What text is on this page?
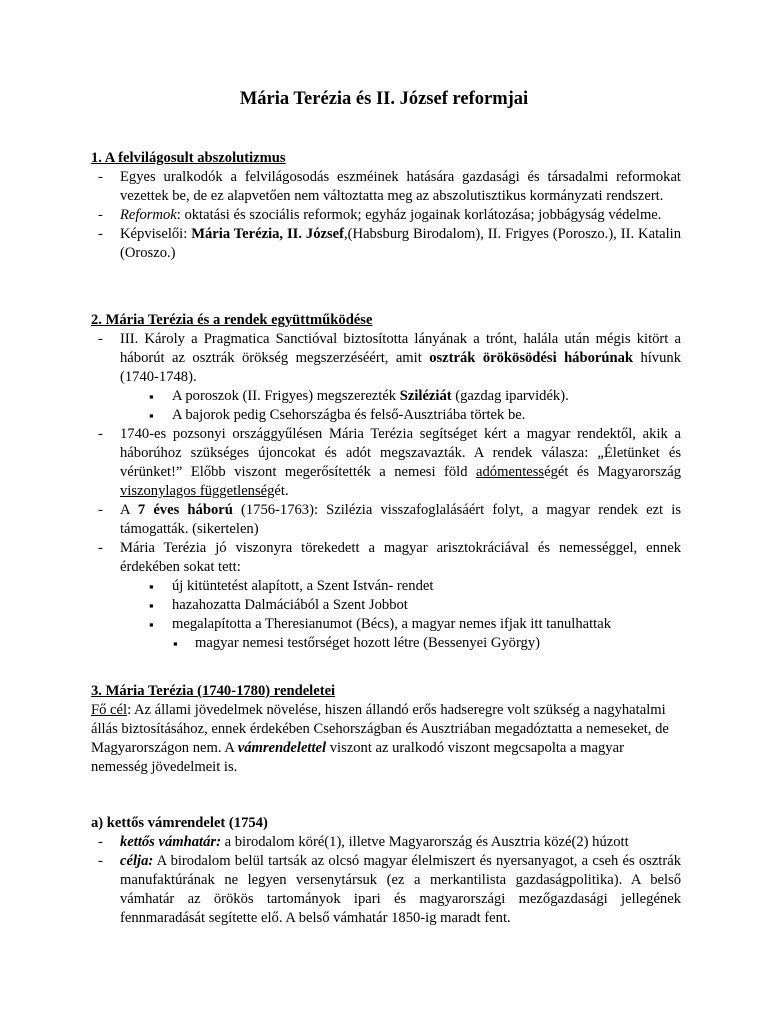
Mária Terézia és II. József reformjai
1. A felvilágosult abszolutizmus
- Egyes uralkodók a felvilágosodás eszméinek hatására gazdasági és társadalmi reformokat vezettek be, de ez alapvetően nem változtatta meg az abszolutisztikus kormányzati rendszert.
- Reformok: oktatási és szociális reformok; egyház jogainak korlátozása; jobbágyság védelme.
- Képviselői: Mária Terézia, II. József,(Habsburg Birodalom), II. Frigyes (Poroszo.), II. Katalin (Oroszo.)
2. Mária Terézia és a rendek együttműködése
- III. Károly a Pragmatica Sanctióval biztosította lányának a trónt, halála után mégis kitört a háborút az osztrák örökség megszerzéséért, amit osztrák örökösödési háborúnak hívunk (1740-1748).
▪ A poroszok (II. Frigyes) megszerezték Sziléziát (gazdag iparvidék).
▪ A bajorok pedig Csehországba és felső-Ausztriába törtek be.
- 1740-es pozsonyi országgyűlésen Mária Terézia segítséget kért a magyar rendektől, akik a háborúhoz szükséges újoncokat és adót megszavazták. A rendek válasza: „Életünket és vérünket!” Előbb viszont megerősítették a nemesi föld adómentességét és Magyarország viszonylagos függetlenségét.
- A 7 éves háború (1756-1763): Szilézia visszafoglalásáért folyt, a magyar rendek ezt is támogatták. (sikertelen)
- Mária Terézia jó viszonyra törekedett a magyar arisztokráciával és nemességgel, ennek érdekében sokat tett:
▪ új kitüntetést alapított, a Szent István- rendet
▪ hazahozatta Dalmáciából a Szent Jobbot
▪ megalapította a Theresianumot (Bécs), a magyar nemes ifjak itt tanulhattak
▪ magyar nemesi testőrséget hozott létre (Bessenyei György)
3. Mária Terézia (1740-1780) rendeletei

Fő cél: Az állami jövedelmek növelése, hiszen állandó erős hadseregre volt szükség a nagyhatalmi állás biztosításához, ennek érdekében Csehországban és Ausztriában megadóztatta a nemeseket, de Magyarországon nem. A vámrendelettel viszont az uralkodó viszont megcsapolta a magyar nemesség jövedelmeit is.

a) kettős vámrendelet (1754)
- kettős vámhatár: a birodalom köré(1), illetve Magyarország és Ausztria közé(2) húzott
- célja: A birodalom belül tartsák az olcsó magyar élelmiszert és nyersanyagot, a cseh és osztrák manufaktúrának ne legyen versenytársuk (ez a merkantilista gazdaságpolitika). A belső vámhatár az örökös tartományok ipari és magyarországi mezőgazdasági jellegének fennmaradását segítette elő. A belső vámhatár 1850-ig maradt fent.
